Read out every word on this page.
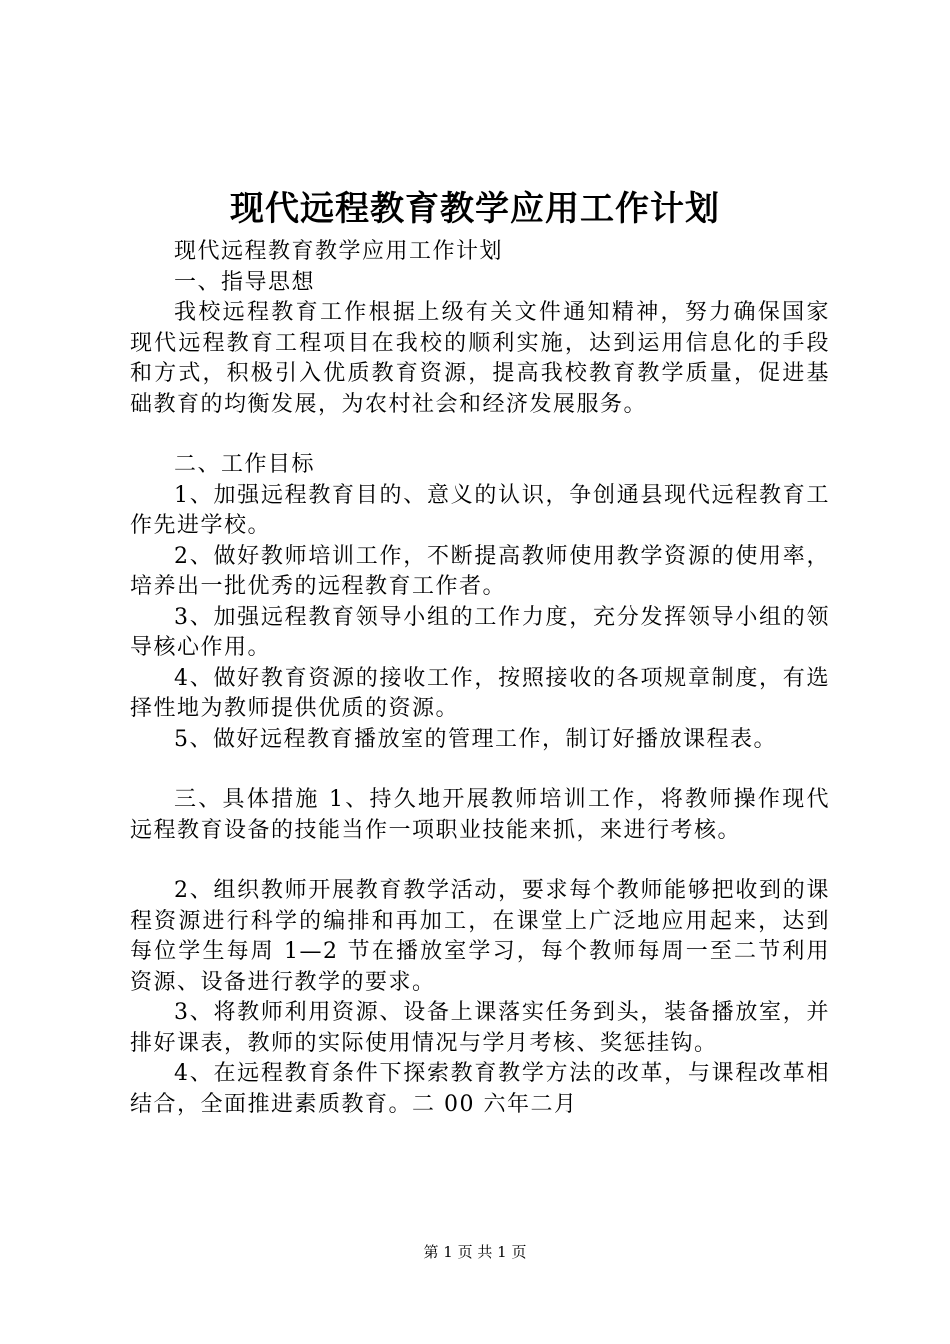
现代远程教育教学应用工作计划

现代远程教育教学应用工作计划

一、指导思想

我校远程教育工作根据上级有关文件通知精神，努力确保国家现代远程教育工程项目在我校的顺利实施，达到运用信息化的手段和方式，积极引入优质教育资源，提高我校教育教学质量，促进基础教育的均衡发展，为农村社会和经济发展服务。

二、工作目标

1、加强远程教育目的、意义的认识，争创通县现代远程教育工作先进学校。

2、做好教师培训工作，不断提高教师使用教学资源的使用率，培养出一批优秀的远程教育工作者。

3、加强远程教育领导小组的工作力度，充分发挥领导小组的领导核心作用。

4、做好教育资源的接收工作，按照接收的各项规章制度，有选择性地为教师提供优质的资源。

5、做好远程教育播放室的管理工作，制订好播放课程表。

三、具体措施 1、持久地开展教师培训工作，将教师操作现代远程教育设备的技能当作一项职业技能来抓，来进行考核。

2、组织教师开展教育教学活动，要求每个教师能够把收到的课程资源进行科学的编排和再加工，在课堂上广泛地应用起来，达到每位学生每周 1—2 节在播放室学习，每个教师每周一至二节利用资源、设备进行教学的要求。

3、将教师利用资源、设备上课落实任务到头，装备播放室，并排好课表，教师的实际使用情况与学月考核、奖惩挂钩。

4、在远程教育条件下探索教育教学方法的改革，与课程改革相结合，全面推进素质教育。二 00 六年二月

第 1 页 共 1 页
